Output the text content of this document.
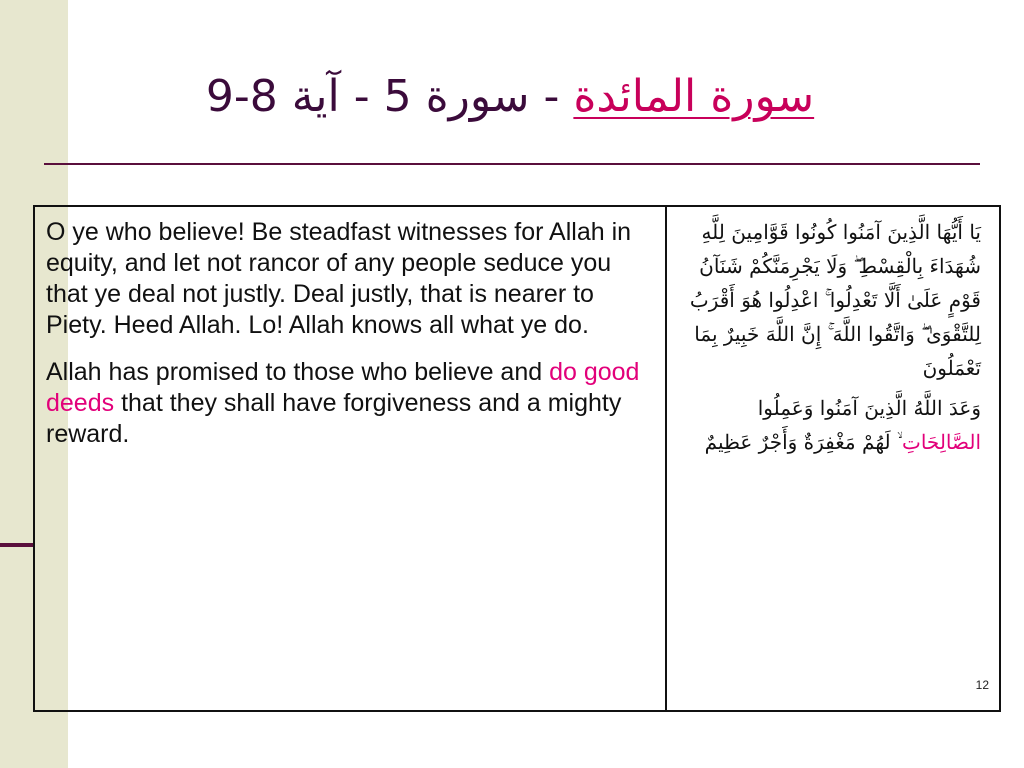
سورة المائدة - سورة 5 - آية 8-9

O ye who believe! Be steadfast witnesses for Allah in equity, and let not rancor of any people seduce you that ye deal not justly. Deal justly, that is nearer to Piety. Heed Allah. Lo! Allah knows all what ye do.

Allah has promised to those who believe and do good deeds that they shall have forgiveness and a mighty reward.

يَا أَيُّهَا الَّذِينَ آمَنُوا كُونُوا قَوَّامِينَ لِلَّهِ شُهَدَاءَ بِالْقِسْطِ ۖ وَلَا يَجْرِمَنَّكُمْ شَنَآنُ قَوْمٍ عَلَىٰ أَلَّا تَعْدِلُوا ۚ اعْدِلُوا هُوَ أَقْرَبُ لِلتَّقْوَىٰ ۖ وَاتَّقُوا اللَّهَ ۚ إِنَّ اللَّهَ خَبِيرٌ بِمَا تَعْمَلُونَ

وَعَدَ اللَّهُ الَّذِينَ آمَنُوا وَعَمِلُوا الصَّالِحَاتِ ۙ لَهُمْ مَغْفِرَةٌ وَأَجْرٌ عَظِيمٌ

12
